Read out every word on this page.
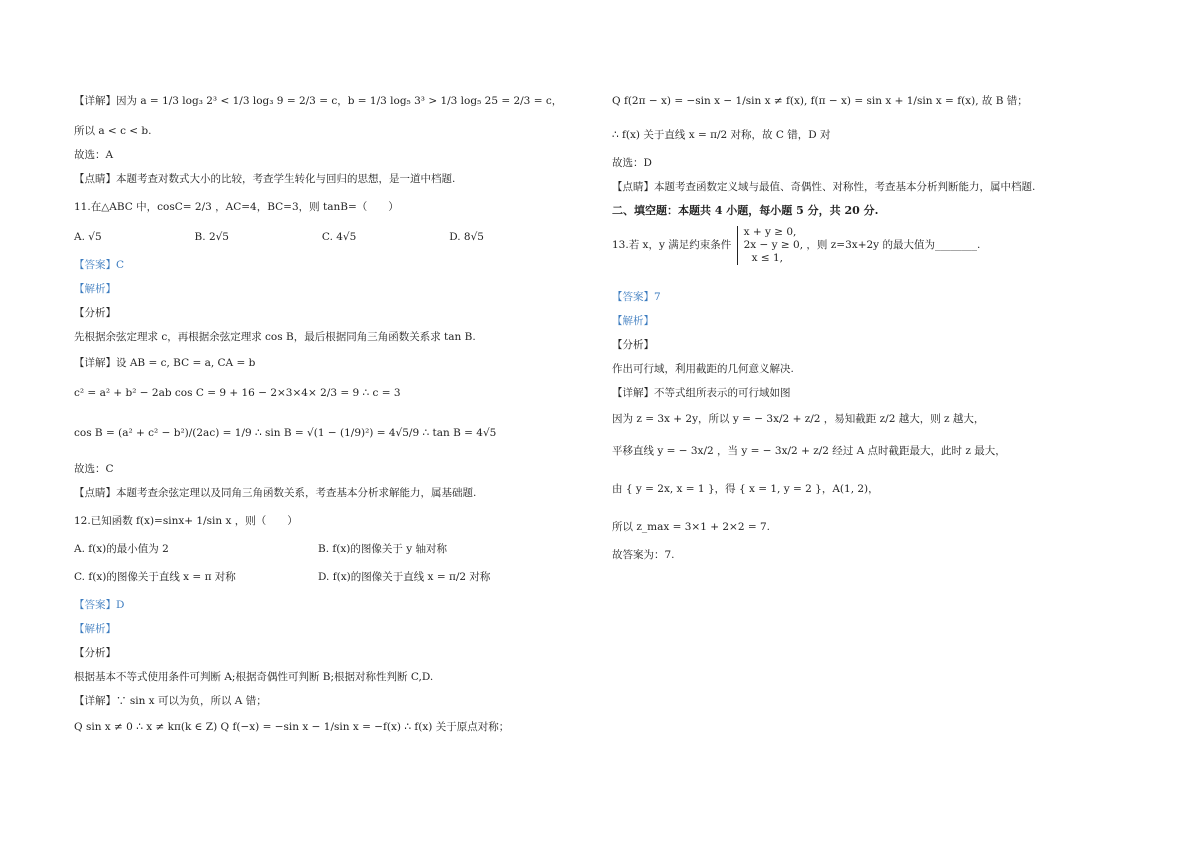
【详解】因为 a = 1/3 log₃ 2³ < 1/3 log₃ 9 = 2/3 = c，b = 1/3 log₅ 3³ > 1/3 log₅ 25 = 2/3 = c，
所以 a < c < b.
故选：A
【点睛】本题考查对数式大小的比较，考查学生转化与回归的思想，是一道中档题.
11.在△ABC 中，cosC= 2/3 ，AC=4，BC=3，则 tanB=（　　）
A. √5	B. 2√5	C. 4√5	D. 8√5
【答案】C
【解析】
【分析】
先根据余弦定理求 c，再根据余弦定理求 cos B，最后根据同角三角函数关系求 tan B.
【详解】设 AB = c, BC = a, CA = b
c² = a² + b² − 2ab cos C = 9 + 16 − 2×3×4× 2/3 = 9 ∴ c = 3
cos B = (a² + c² − b²)/(2ac) = 1/9 ∴ sin B = √(1 − (1/9)²) = 4√5/9 ∴ tan B = 4√5
故选：C
【点睛】本题考查余弦定理以及同角三角函数关系，考查基本分析求解能力，属基础题.
12.已知函数 f(x)=sinx+ 1/sin x ，则（　　）
A. f(x)的最小值为 2	B. f(x)的图像关于 y 轴对称
C. f(x)的图像关于直线 x = π 对称	D. f(x)的图像关于直线 x = π/2 对称
【答案】D
【解析】
【分析】
根据基本不等式使用条件可判断 A;根据奇偶性可判断 B;根据对称性判断 C,D.
【详解】∵ sin x 可以为负，所以 A 错；
Q sin x ≠ 0 ∴ x ≠ kπ(k ∈ Z) Q f(−x) = −sin x − 1/sin x = −f(x) ∴ f(x) 关于原点对称；
Q f(2π − x) = −sin x − 1/sin x ≠ f(x), f(π − x) = sin x + 1/sin x = f(x), 故 B 错；
∴ f(x) 关于直线 x = π/2 对称，故 C 错，D 对
故选：D
【点睛】本题考查函数定义域与最值、奇偶性、对称性，考查基本分析判断能力，属中档题.
二、填空题：本题共 4 小题，每小题 5 分，共 20 分.
13.若 x，y 满足约束条件
x + y ≥ 0,
2x − y ≥ 0,
x ≤ 1,
，则 z=3x+2y 的最大值为________.
【答案】7
【解析】
【分析】
作出可行域，利用截距的几何意义解决.
【详解】不等式组所表示的可行域如图
因为 z = 3x + 2y，所以 y = − 3x/2 + z/2 ，易知截距 z/2 越大，则 z 越大，
平移直线 y = − 3x/2 ，当 y = − 3x/2 + z/2 经过 A 点时截距最大，此时 z 最大，
由 { y = 2x, x = 1 }，得 { x = 1, y = 2 }，A(1, 2)，
所以 z_max = 3×1 + 2×2 = 7.
故答案为：7.
